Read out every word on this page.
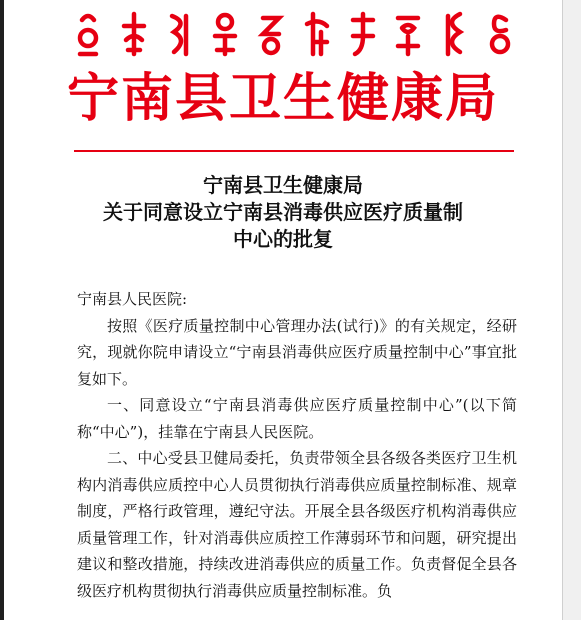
宁南县卫生健康局
宁南县卫生健康局
关于同意设立宁南县消毒供应医疗质量制
中心的批复

宁南县人民医院:

按照《医疗质量控制中心管理办法(试行)》的有关规定，经研究，现就你院申请设立“宁南县消毒供应医疗质量控制中心”事宜批复如下。

一、同意设立“宁南县消毒供应医疗质量控制中心”(以下简称“中心”)，挂靠在宁南县人民医院。

二、中心受县卫健局委托，负责带领全县各级各类医疗卫生机构内消毒供应质控中心人员贯彻执行消毒供应质量控制标准、规章制度，严格行政管理，遵纪守法。开展全县各级医疗机构消毒供应质量管理工作，针对消毒供应质控工作薄弱环节和问题，研究提出建议和整改措施，持续改进消毒供应的质量工作。负责督促全县各级医疗机构贯彻执行消毒供应质量控制标准。负
